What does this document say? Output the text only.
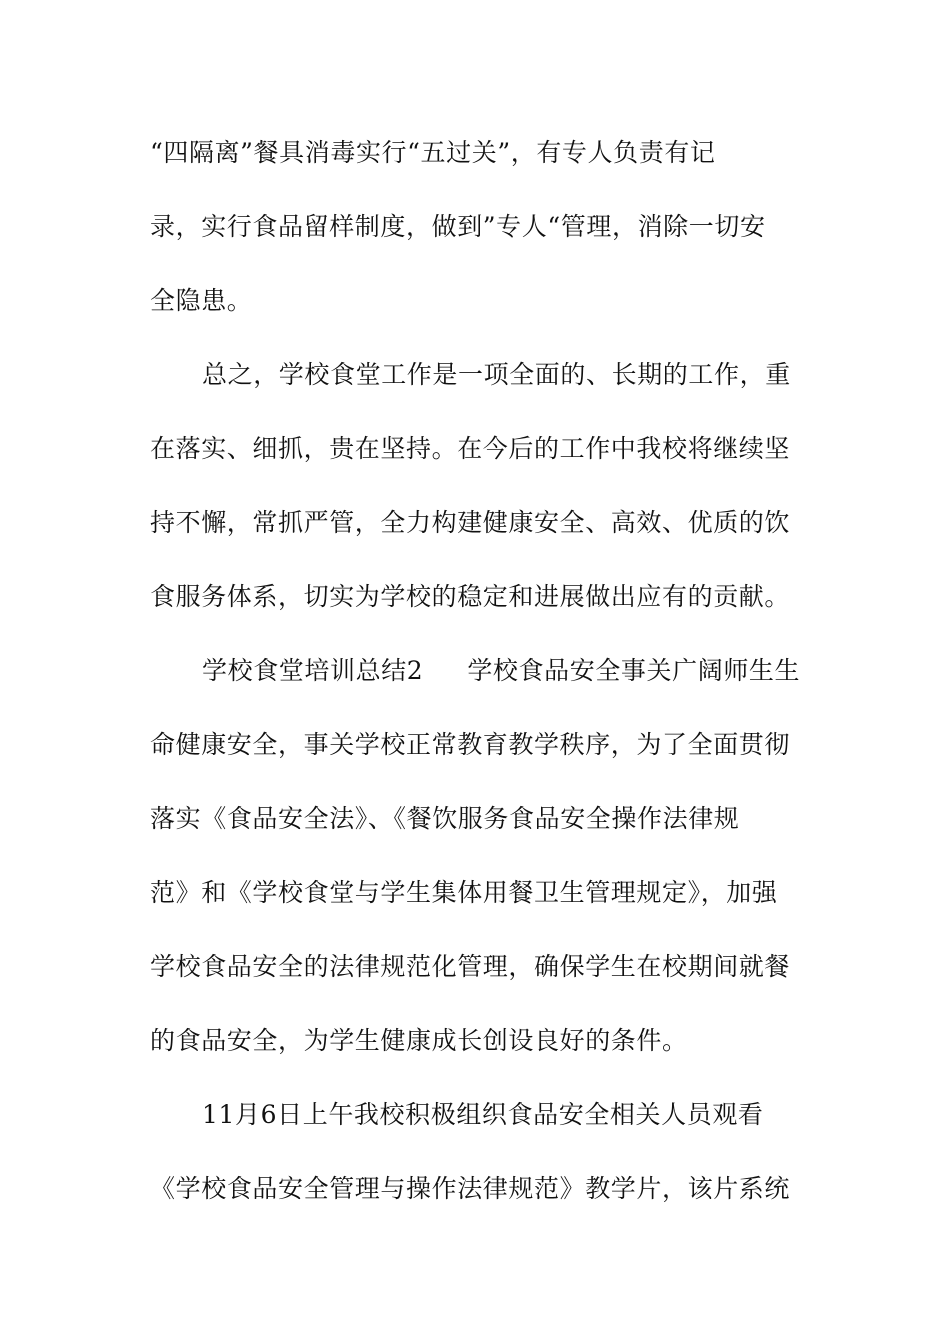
“四隔离”餐具消毒实行“五过关”，有专人负责有记
录，实行食品留样制度，做到”专人“管理，消除一切安
全隐患。
总之，学校食堂工作是一项全面的、长期的工作，重
在落实、细抓，贵在坚持。在今后的工作中我校将继续坚
持不懈，常抓严管，全力构建健康安全、高效、优质的饮
食服务体系，切实为学校的稳定和进展做出应有的贡献。
学校食堂培训总结2 学校食品安全事关广阔师生生
命健康安全，事关学校正常教育教学秩序，为了全面贯彻
落实《食品安全法》、《餐饮服务食品安全操作法律规
范》和《学校食堂与学生集体用餐卫生管理规定》，加强
学校食品安全的法律规范化管理，确保学生在校期间就餐
的食品安全，为学生健康成长创设良好的条件。
11月6日上午我校积极组织食品安全相关人员观看
《学校食品安全管理与操作法律规范》教学片，该片系统
